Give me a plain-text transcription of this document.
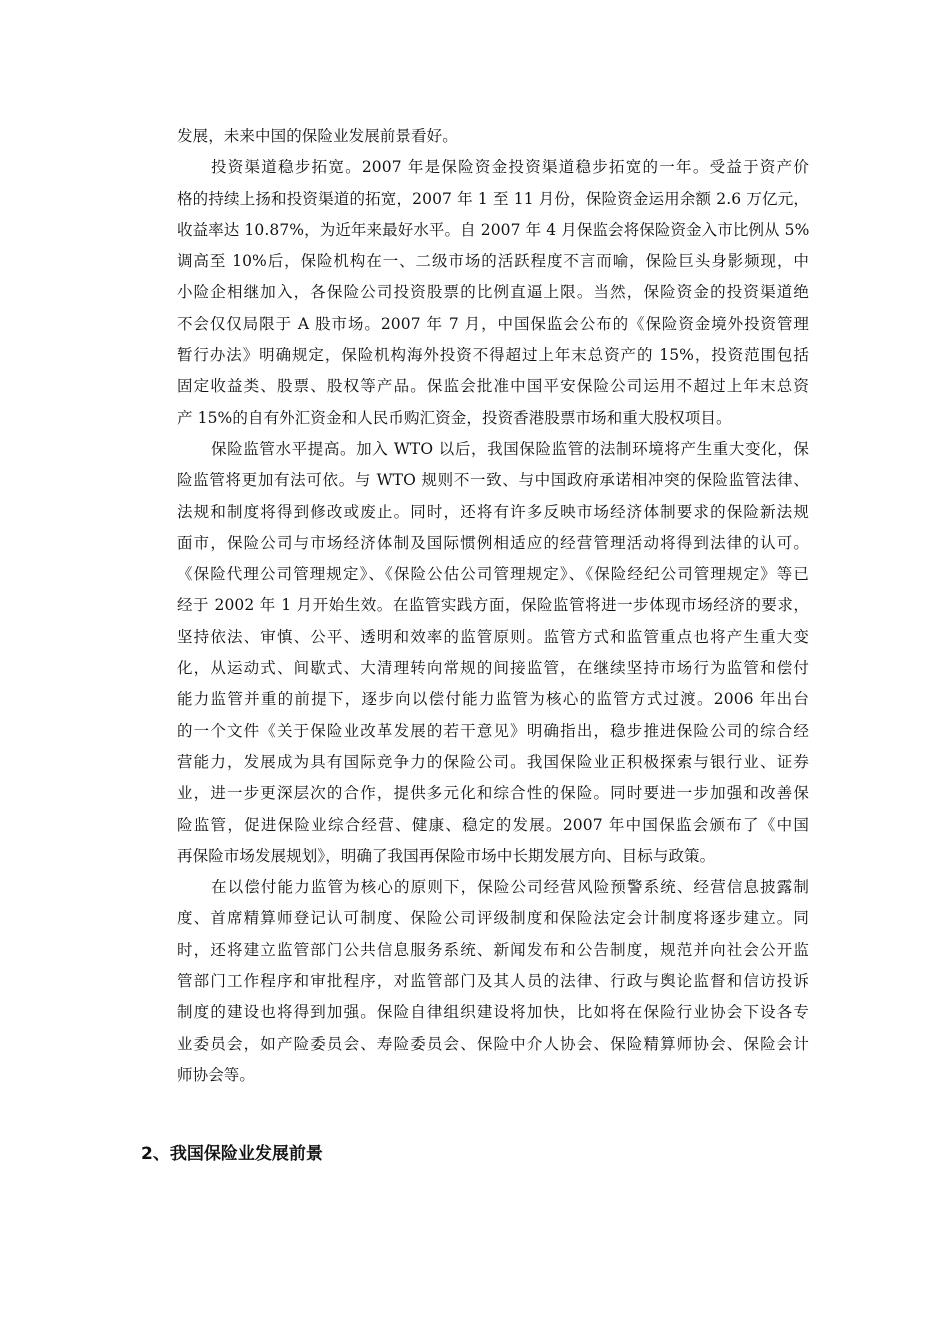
发展，未来中国的保险业发展前景看好。
投资渠道稳步拓宽。2007 年是保险资金投资渠道稳步拓宽的一年。受益于资产价
格的持续上扬和投资渠道的拓宽，2007 年 1 至 11 月份，保险资金运用余额 2.6 万亿元，
收益率达 10.87%，为近年来最好水平。自 2007 年 4 月保监会将保险资金入市比例从 5%
调高至 10%后，保险机构在一、二级市场的活跃程度不言而喻，保险巨头身影频现，中
小险企相继加入，各保险公司投资股票的比例直逼上限。当然，保险资金的投资渠道绝
不会仅仅局限于 A 股市场。2007 年 7 月，中国保监会公布的《保险资金境外投资管理
暂行办法》明确规定，保险机构海外投资不得超过上年末总资产的 15%，投资范围包括
固定收益类、股票、股权等产品。保监会批准中国平安保险公司运用不超过上年末总资
产 15%的自有外汇资金和人民币购汇资金，投资香港股票市场和重大股权项目。
保险监管水平提高。加入 WTO 以后，我国保险监管的法制环境将产生重大变化，保
险监管将更加有法可依。与 WTO 规则不一致、与中国政府承诺相冲突的保险监管法律、
法规和制度将得到修改或废止。同时，还将有许多反映市场经济体制要求的保险新法规
面市，保险公司与市场经济体制及国际惯例相适应的经营管理活动将得到法律的认可。
《保险代理公司管理规定》、《保险公估公司管理规定》、《保险经纪公司管理规定》等已
经于 2002 年 1 月开始生效。在监管实践方面，保险监管将进一步体现市场经济的要求，
坚持依法、审慎、公平、透明和效率的监管原则。监管方式和监管重点也将产生重大变
化，从运动式、间歇式、大清理转向常规的间接监管，在继续坚持市场行为监管和偿付
能力监管并重的前提下，逐步向以偿付能力监管为核心的监管方式过渡。2006 年出台
的一个文件《关于保险业改革发展的若干意见》明确指出，稳步推进保险公司的综合经
营能力，发展成为具有国际竞争力的保险公司。我国保险业正积极探索与银行业、证券
业，进一步更深层次的合作，提供多元化和综合性的保险。同时要进一步加强和改善保
险监管，促进保险业综合经营、健康、稳定的发展。2007 年中国保监会颁布了《中国
再保险市场发展规划》，明确了我国再保险市场中长期发展方向、目标与政策。
在以偿付能力监管为核心的原则下，保险公司经营风险预警系统、经营信息披露制
度、首席精算师登记认可制度、保险公司评级制度和保险法定会计制度将逐步建立。同
时，还将建立监管部门公共信息服务系统、新闻发布和公告制度，规范并向社会公开监
管部门工作程序和审批程序，对监管部门及其人员的法律、行政与舆论监督和信访投诉
制度的建设也将得到加强。保险自律组织建设将加快，比如将在保险行业协会下设各专
业委员会，如产险委员会、寿险委员会、保险中介人协会、保险精算师协会、保险会计
师协会等。
2、我国保险业发展前景
